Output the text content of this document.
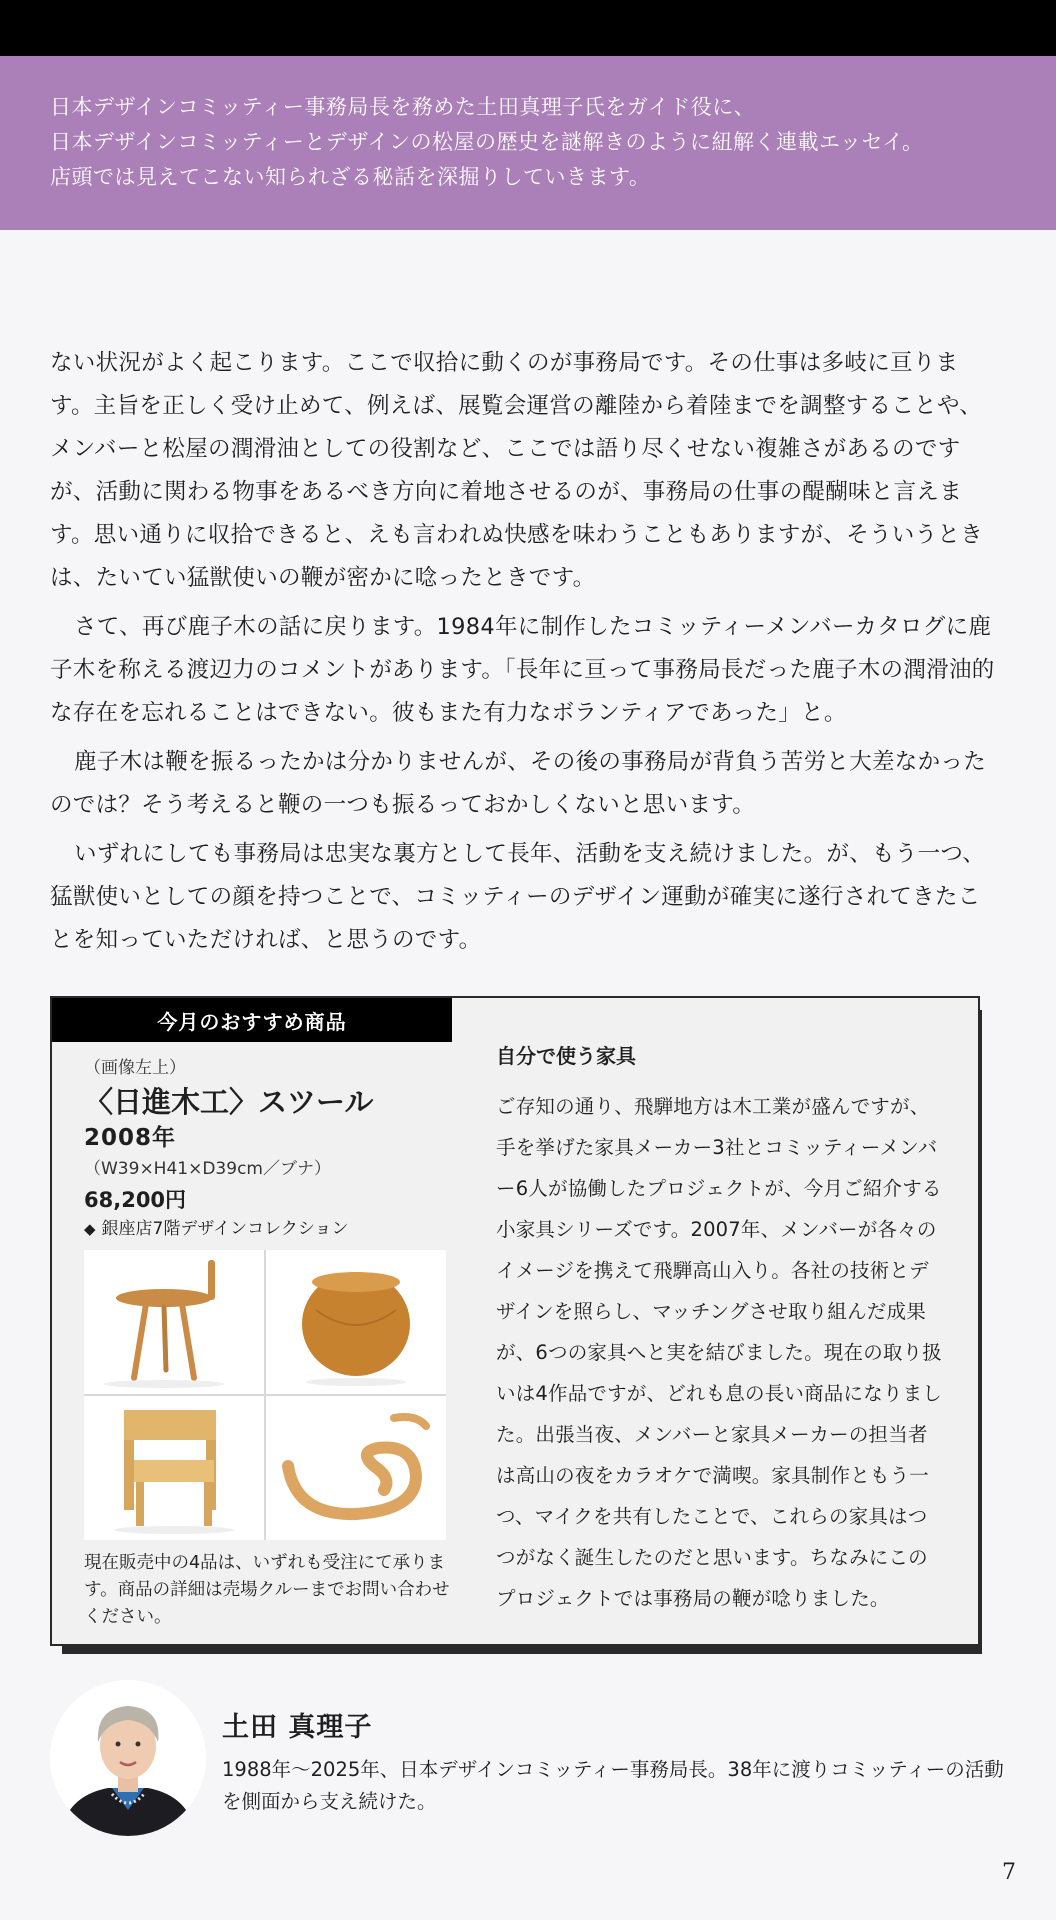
日本デザインコミッティー事務局長を務めた土田真理子氏をガイド役に、

日本デザインコミッティーとデザインの松屋の歴史を謎解きのように紐解く連載エッセイ。

店頭では見えてこない知られざる秘話を深掘りしていきます。

ない状況がよく起こります。ここで収拾に動くのが事務局です。その仕事は多岐に亘ります。主旨を正しく受け止めて、例えば、展覧会運営の離陸から着陸までを調整することや、メンバーと松屋の潤滑油としての役割など、ここでは語り尽くせない複雑さがあるのですが、活動に関わる物事をあるべき方向に着地させるのが、事務局の仕事の醍醐味と言えます。思い通りに収拾できると、えも言われぬ快感を味わうこともありますが、そういうときは、たいてい猛獣使いの鞭が密かに唸ったときです。

さて、再び鹿子木の話に戻ります。1984年に制作したコミッティーメンバーカタログに鹿子木を称える渡辺力のコメントがあります。「長年に亘って事務局長だった鹿子木の潤滑油的な存在を忘れることはできない。彼もまた有力なボランティアであった」と。

鹿子木は鞭を振るったかは分かりませんが、その後の事務局が背負う苦労と大差なかったのでは？そう考えると鞭の一つも振るっておかしくないと思います。

いずれにしても事務局は忠実な裏方として長年、活動を支え続けました。が、もう一つ、猛獣使いとしての顔を持つことで、コミッティーのデザイン運動が確実に遂行されてきたことを知っていただければ、と思うのです。

今月のおすすめ商品
（画像左上）
〈日進木工〉スツール
2008年
（W39×H41×D39cm／ブナ）
68,200円
◆ 銀座店7階デザインコレクション
現在販売中の4品は、いずれも受注にて承ります。商品の詳細は売場クルーまでお問い合わせください。
自分で使う家具
ご存知の通り、飛騨地方は木工業が盛んですが、手を挙げた家具メーカー3社とコミッティーメンバー6人が協働したプロジェクトが、今月ご紹介する小家具シリーズです。2007年、メンバーが各々のイメージを携えて飛騨高山入り。各社の技術とデザインを照らし、マッチングさせ取り組んだ成果が、6つの家具へと実を結びました。現在の取り扱いは4作品ですが、どれも息の長い商品になりました。出張当夜、メンバーと家具メーカーの担当者は高山の夜をカラオケで満喫。家具制作ともう一つ、マイクを共有したことで、これらの家具はつつがなく誕生したのだと思います。ちなみにこのプロジェクトでは事務局の鞭が唸りました。
土田 真理子
1988年〜2025年、日本デザインコミッティー事務局長。38年に渡りコミッティーの活動を側面から支え続けた。
7
